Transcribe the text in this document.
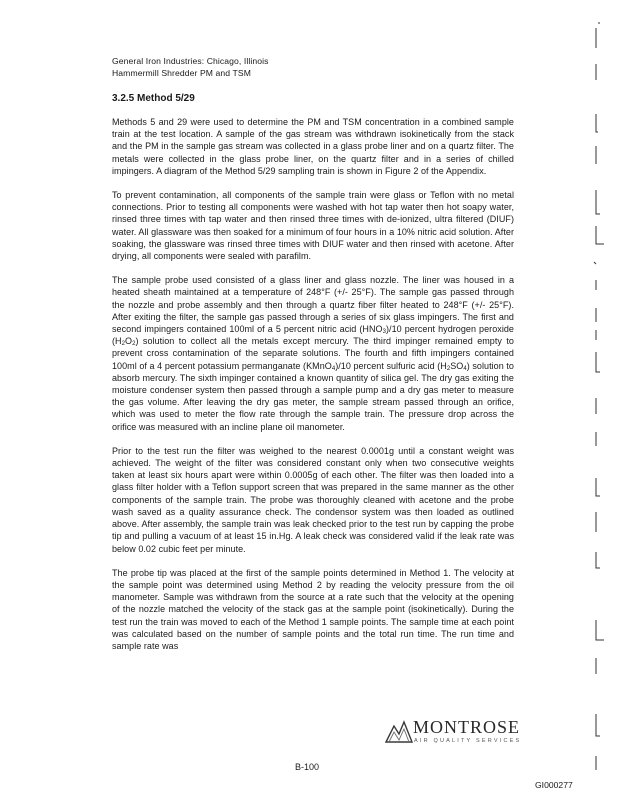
General Iron Industries: Chicago, Illinois
Hammermill Shredder PM and TSM
3.2.5 Method 5/29

Methods 5 and 29 were used to determine the PM and TSM concentration in a combined sample train at the test location. A sample of the gas stream was withdrawn isokinetically from the stack and the PM in the sample gas stream was collected in a glass probe liner and on a quartz filter. The metals were collected in the glass probe liner, on the quartz filter and in a series of chilled impingers. A diagram of the Method 5/29 sampling train is shown in Figure 2 of the Appendix.

To prevent contamination, all components of the sample train were glass or Teflon with no metal connections. Prior to testing all components were washed with hot tap water then hot soapy water, rinsed three times with tap water and then rinsed three times with de-ionized, ultra filtered (DIUF) water. All glassware was then soaked for a minimum of four hours in a 10% nitric acid solution. After soaking, the glassware was rinsed three times with DIUF water and then rinsed with acetone. After drying, all components were sealed with parafilm.

The sample probe used consisted of a glass liner and glass nozzle. The liner was housed in a heated sheath maintained at a temperature of 248°F (+/- 25°F). The sample gas passed through the nozzle and probe assembly and then through a quartz fiber filter heated to 248°F (+/- 25°F). After exiting the filter, the sample gas passed through a series of six glass impingers. The first and second impingers contained 100ml of a 5 percent nitric acid $(HNO_3)/10$ percent hydrogen peroxide $(H_2O_2)$ solution to collect all the metals except mercury. The third impinger remained empty to prevent cross contamination of the separate solutions. The fourth and fifth impingers contained 100ml of a 4 percent potassium permanganate (KMnO$_4$)/10 percent sulfuric acid $(H_2SO_4)$ solution to absorb mercury. The sixth impinger contained a known quantity of silica gel. The dry gas exiting the moisture condenser system then passed through a sample pump and a dry gas meter to measure the gas volume. After leaving the dry gas meter, the sample stream passed through an orifice, which was used to meter the flow rate through the sample train. The pressure drop across the orifice was measured with an incline plane oil manometer.

Prior to the test run the filter was weighed to the nearest 0.0001g until a constant weight was achieved. The weight of the filter was considered constant only when two consecutive weights taken at least six hours apart were within 0.0005g of each other. The filter was then loaded into a glass filter holder with a Teflon support screen that was prepared in the same manner as the other components of the sample train. The probe was thoroughly cleaned with acetone and the probe wash saved as a quality assurance check. The condensor system was then loaded as outlined above. After assembly, the sample train was leak checked prior to the test run by capping the probe tip and pulling a vacuum of at least 15 in.Hg. A leak check was considered valid if the leak rate was below 0.02 cubic feet per minute.

The probe tip was placed at the first of the sample points determined in Method 1. The velocity at the sample point was determined using Method 2 by reading the velocity pressure from the oil manometer. Sample was withdrawn from the source at a rate such that the velocity at the opening of the nozzle matched the velocity of the stack gas at the sample point (isokinetically). During the test run the train was moved to each of the Method 1 sample points. The sample time at each point was calculated based on the number of sample points and the total run time. The run time and sample rate was

MONTROSE
AIR QUALITY SERVICES
B-100
GI000277
